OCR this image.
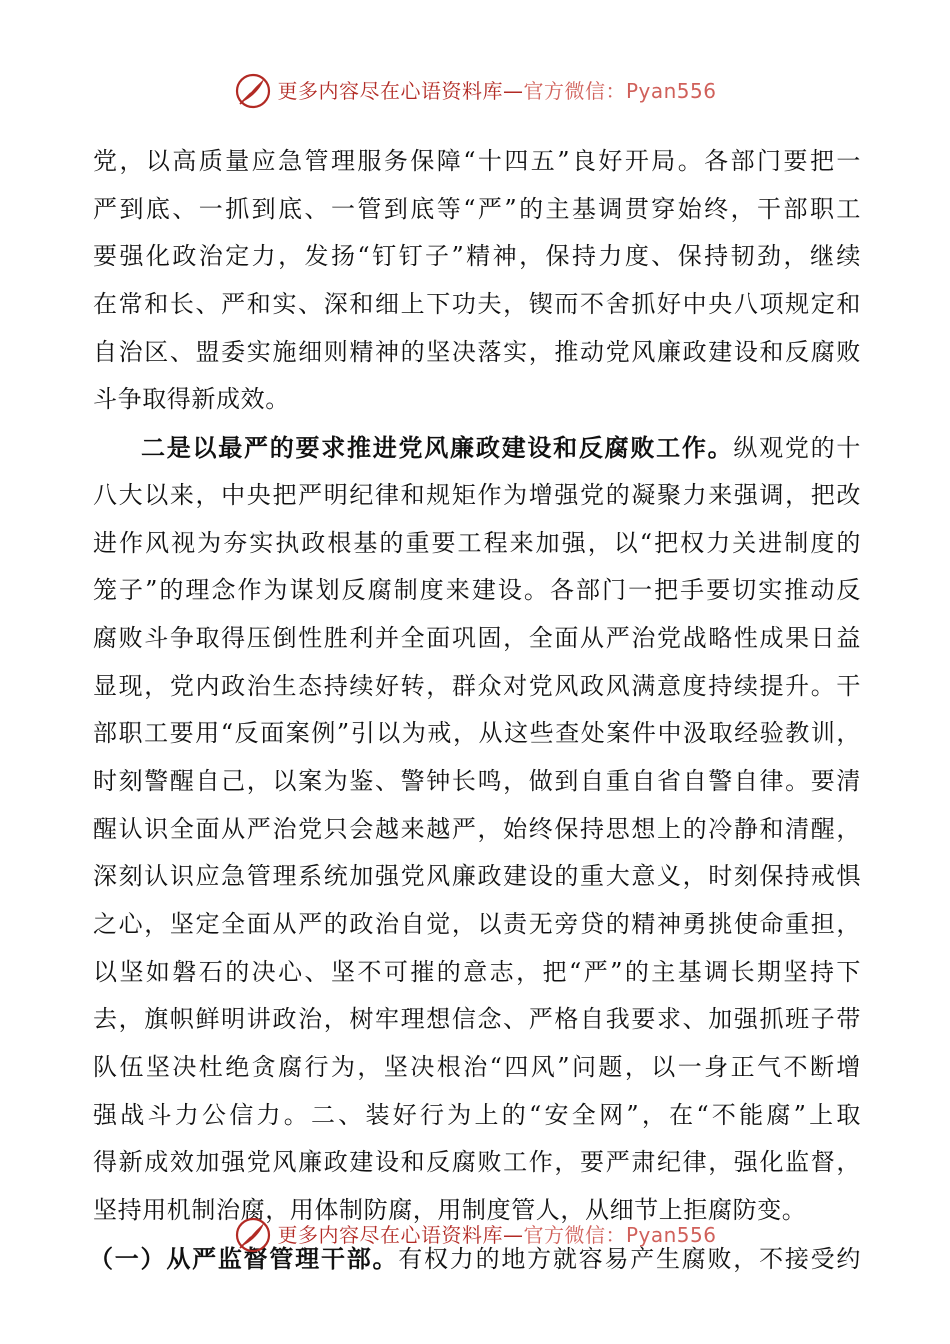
更多内容尽在心语资料库—官方微信：Pyan556
党，以高质量应急管理服务保障“十四五”良好开局。各部门要把一
严到底、一抓到底、一管到底等“严”的主基调贯穿始终，干部职工
要强化政治定力，发扬“钉钉子”精神，保持力度、保持韧劲，继续
在常和长、严和实、深和细上下功夫，锲而不舍抓好中央八项规定和
自治区、盟委实施细则精神的坚决落实，推动党风廉政建设和反腐败
斗争取得新成效。
二是以最严的要求推进党风廉政建设和反腐败工作。纵观党的十
八大以来，中央把严明纪律和规矩作为增强党的凝聚力来强调，把改
进作风视为夯实执政根基的重要工程来加强，以“把权力关进制度的
笼子”的理念作为谋划反腐制度来建设。各部门一把手要切实推动反
腐败斗争取得压倒性胜利并全面巩固，全面从严治党战略性成果日益
显现，党内政治生态持续好转，群众对党风政风满意度持续提升。干
部职工要用“反面案例”引以为戒，从这些查处案件中汲取经验教训，
时刻警醒自己，以案为鉴、警钟长鸣，做到自重自省自警自律。要清
醒认识全面从严治党只会越来越严，始终保持思想上的冷静和清醒，
深刻认识应急管理系统加强党风廉政建设的重大意义，时刻保持戒惧
之心，坚定全面从严的政治自觉，以责无旁贷的精神勇挑使命重担，
以坚如磐石的决心、坚不可摧的意志，把“严”的主基调长期坚持下
去，旗帜鲜明讲政治，树牢理想信念、严格自我要求、加强抓班子带
队伍坚决杜绝贪腐行为，坚决根治“四风”问题，以一身正气不断增
强战斗力公信力。二、装好行为上的“安全网”，在“不能腐”上取
得新成效加强党风廉政建设和反腐败工作，要严肃纪律，强化监督，
坚持用机制治腐，用体制防腐，用制度管人，从细节上拒腐防变。
（一）从严监督管理干部。有权力的地方就容易产生腐败，不接受约
更多内容尽在心语资料库—官方微信：Pyan556
